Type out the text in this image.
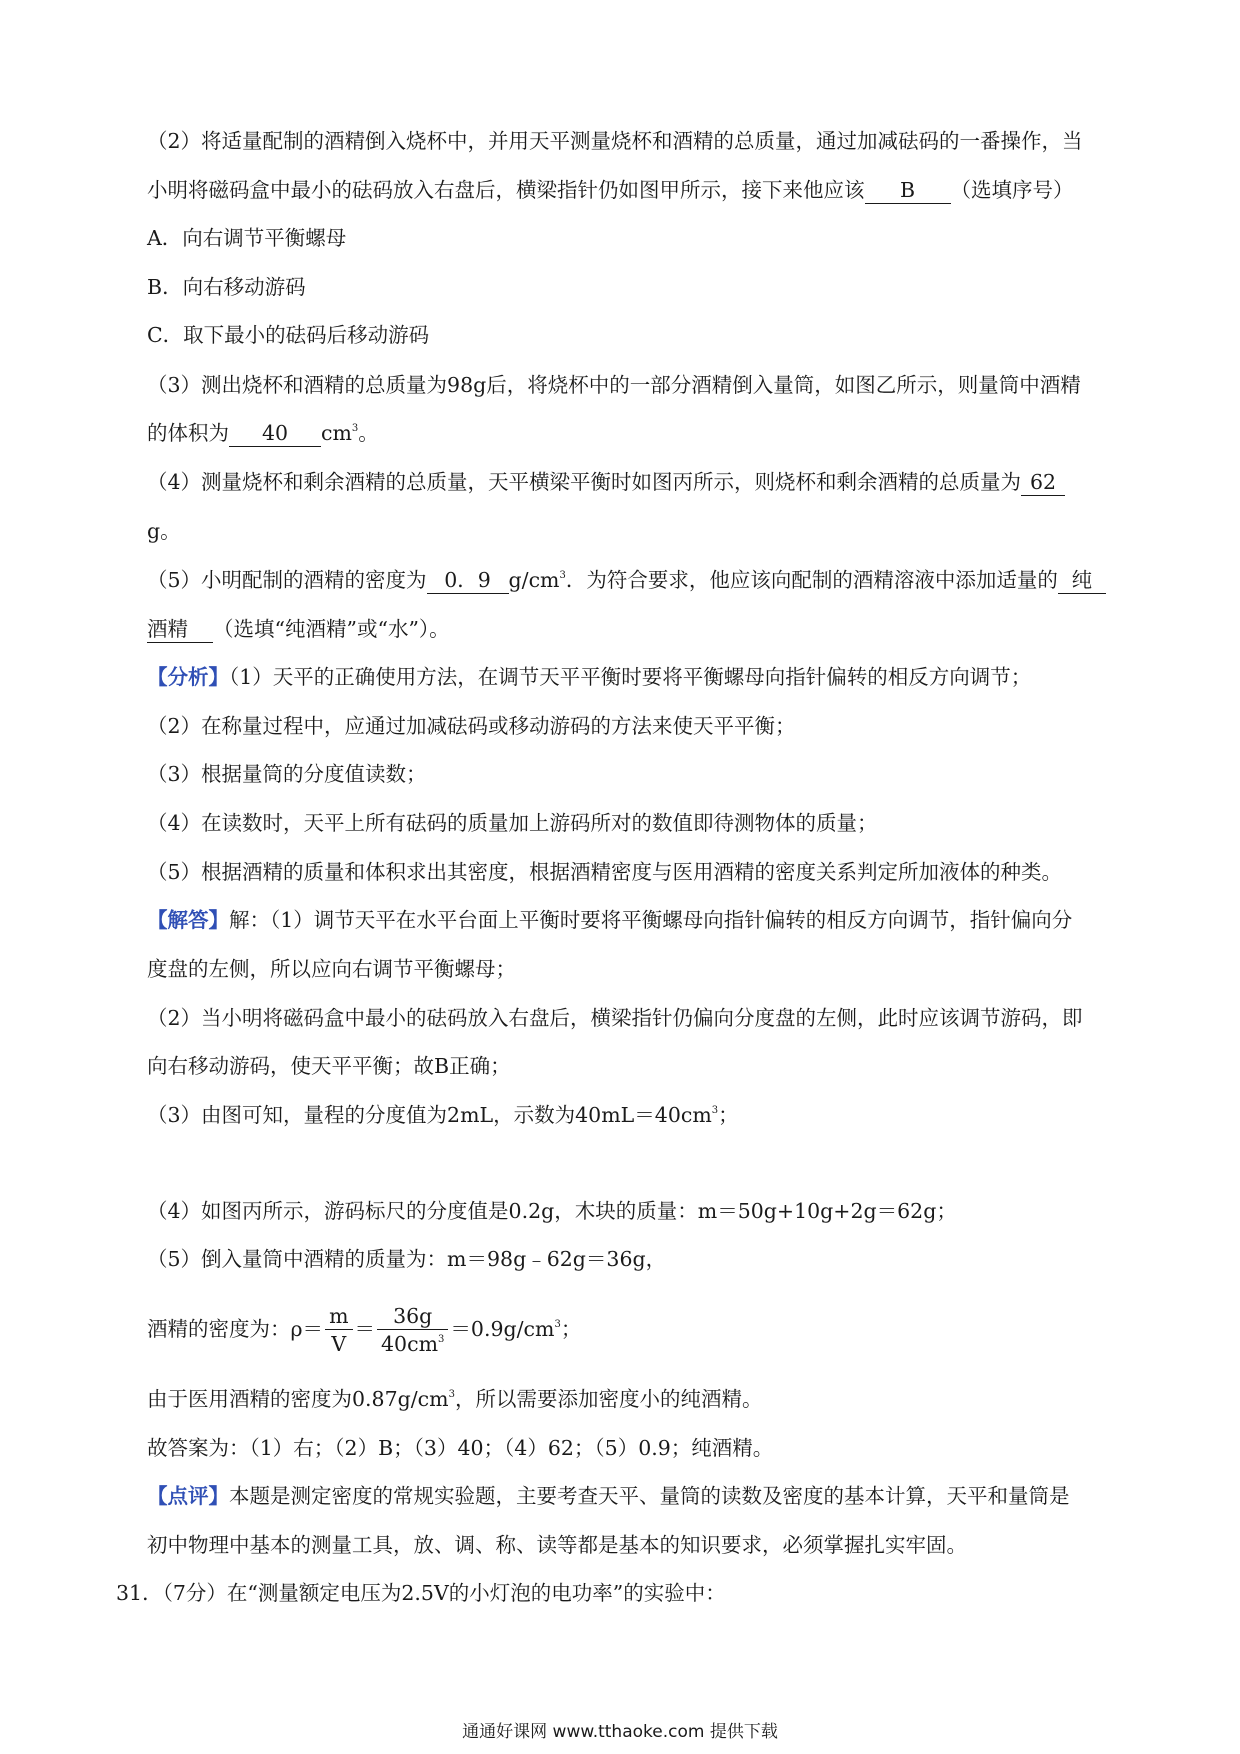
（2）将适量配制的酒精倒入烧杯中，并用天平测量烧杯和酒精的总质量，通过加减砝码的一番操作，当
小明将磁码盒中最小的砝码放入右盘后，横梁指针仍如图甲所示，接下来他应该 B （选填序号）
A．向右调节平衡螺母
B．向右移动游码
C．取下最小的砝码后移动游码
（3）测出烧杯和酒精的总质量为98g后，将烧杯中的一部分酒精倒入量筒，如图乙所示，则量筒中酒精
的体积为 40 $cm^3$。
（4）测量烧杯和剩余酒精的总质量，天平横梁平衡时如图丙所示，则烧杯和剩余酒精的总质量为 62
g。
（5）小明配制的酒精的密度为 0．9 $g/cm^3$．为符合要求，他应该向配制的酒精溶液中添加适量的 纯
酒精 （选填“纯酒精”或“水”）。
【分析】（1）天平的正确使用方法，在调节天平平衡时要将平衡螺母向指针偏转的相反方向调节；
（2）在称量过程中，应通过加减砝码或移动游码的方法来使天平平衡；
（3）根据量筒的分度值读数；
（4）在读数时，天平上所有砝码的质量加上游码所对的数值即待测物体的质量；
（5）根据酒精的质量和体积求出其密度，根据酒精密度与医用酒精的密度关系判定所加液体的种类。
【解答】解：（1）调节天平在水平台面上平衡时要将平衡螺母向指针偏转的相反方向调节，指针偏向分
度盘的左侧，所以应向右调节平衡螺母；
（2）当小明将磁码盒中最小的砝码放入右盘后，横梁指针仍偏向分度盘的左侧，此时应该调节游码，即
向右移动游码，使天平平衡；故B正确；
（3）由图可知，量程的分度值为2mL，示数为$40mL=40cm^3$；
（4）如图丙所示，游码标尺的分度值是0.2g，木块的质量：m＝50g+10g+2g＝62g；
（5）倒入量筒中酒精的质量为：m＝98g﹣62g＝36g，
酒精的密度为：$\rho= \frac{m}{V} = \frac{36g}{40cm^3} =0.9g/cm^3$；
由于医用酒精的密度为$0.87g/cm^3$，所以需要添加密度小的纯酒精。
故答案为：（1）右；（2）B；（3）40；（4）62；（5）0.9；纯酒精。
【点评】本题是测定密度的常规实验题，主要考查天平、量筒的读数及密度的基本计算，天平和量筒是
初中物理中基本的测量工具，放、调、称、读等都是基本的知识要求，必须掌握扎实牢固。
31．（7分）在“测量额定电压为2.5V的小灯泡的电功率”的实验中：
通通好课网 www.tthaoke.com 提供下载
